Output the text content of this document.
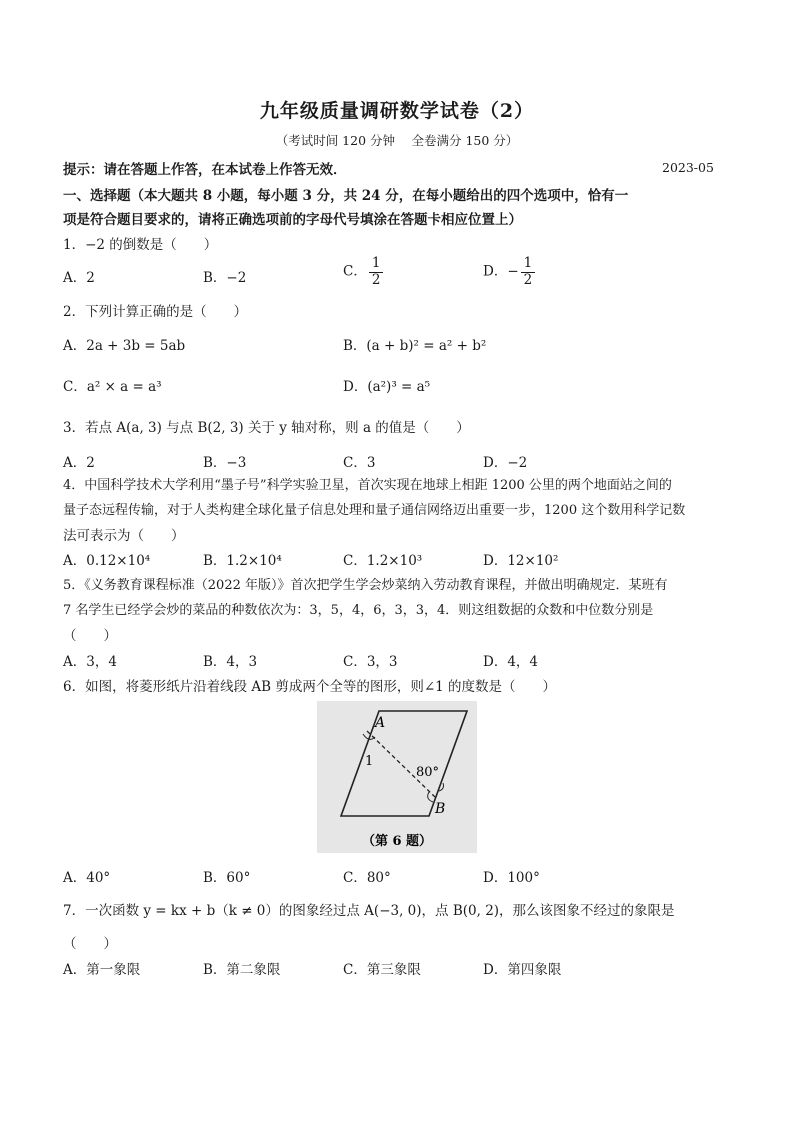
九年级质量调研数学试卷（2）
（考试时间 120 分钟　 全卷满分 150 分）
提示：请在答题上作答，在本试卷上作答无效．	2023-05
一、选择题（本大题共 8 小题，每小题 3 分，共 24 分，在每小题给出的四个选项中，恰有一
项是符合题目要求的，请将正确选项前的字母代号填涂在答题卡相应位置上）
1．−2 的倒数是（　　）
A．2	B．−2	C． $\frac{1}{2}$	D．− $\frac{1}{2}$
2．下列计算正确的是（　　）
A．2a + 3b = 5ab	B．(a + b)² = a² + b²
C．a² × a = a³	D．(a²)³ = a⁵
3．若点 A(a, 3) 与点 B(2, 3) 关于 y 轴对称，则 a 的值是（　　）
A．2	B．−3	C．3	D．−2
4．中国科学技术大学利用“墨子号”科学实验卫星，首次实现在地球上相距 1200 公里的两个地面站之间的
量子态远程传输，对于人类构建全球化量子信息处理和量子通信网络迈出重要一步，1200 这个数用科学记数
法可表示为（　　）
A．0.12×10⁴	B．1.2×10⁴	C．1.2×10³	D．12×10²
5．《义务教育课程标准（2022 年版）》首次把学生学会炒菜纳入劳动教育课程，并做出明确规定．某班有
7 名学生已经学会炒的菜品的种数依次为：3，5，4，6，3，3，4．则这组数据的众数和中位数分别是
（　　）
A．3，4	B．4，3	C．3，3	D．4，4
6．如图，将菱形纸片沿着线段 AB 剪成两个全等的图形，则∠1 的度数是（　　）
A
B
1
80°
（第 6 题）
A．40°	B．60°	C．80°	D．100°
7．一次函数 y = kx + b（k ≠ 0）的图象经过点 A(−3, 0)，点 B(0, 2)，那么该图象不经过的象限是
（　　）
A．第一象限	B．第二象限	C．第三象限	D．第四象限
